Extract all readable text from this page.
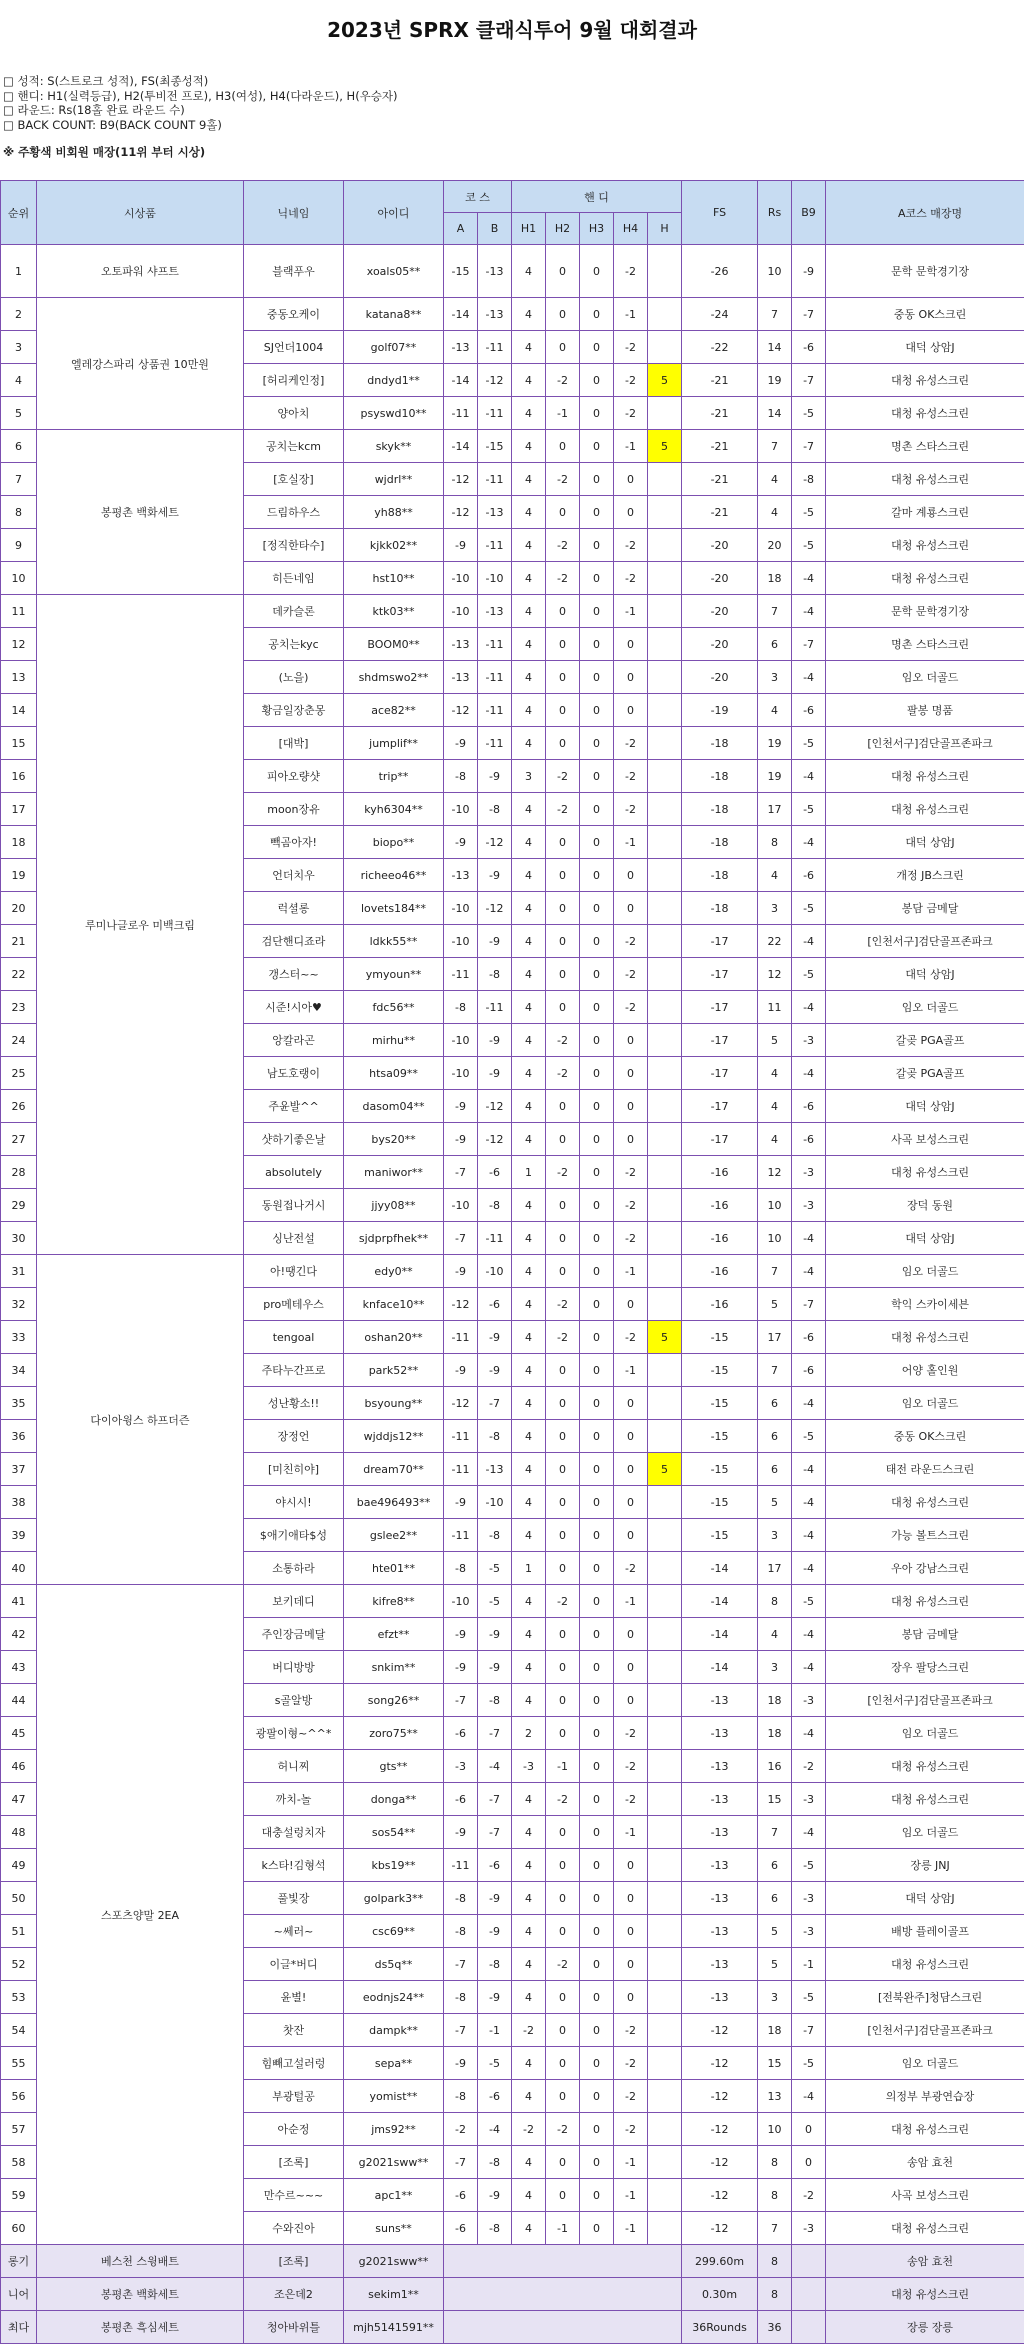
2023년 SPRX 클래식투어 9월 대회결과
□ 성적: S(스트로크 성적), FS(최종성적)
□ 핸디: H1(실력등급), H2(투비전 프로), H3(여성), H4(다라운드), H(우승자)
□ 라운드: Rs(18홀 완료 라운드 수)
□ BACK COUNT: B9(BACK COUNT 9홀)
※ 주황색 비회원 매장(11위 부터 시상)
순위	시상품	닉네임	아이디	코 스		핸 디					FS	Rs	B9	A코스 매장명
				A	B	H1	H2	H3	H4	H				
1	오토파워 샤프트	블랙푸우	xoals05**	-15	-13	4	0	0	-2		-26	10	-9	문학 문학경기장
2	엘레강스파리 상품권 10만원	중동오케이	katana8**	-14	-13	4	0	0	-1		-24	7	-7	중동 OK스크린
3		SJ언더1004	golf07**	-13	-11	4	0	0	-2		-22	14	-6	대덕 상암J
4		[허리케인정]	dndyd1**	-14	-12	4	-2	0	-2	5	-21	19	-7	대청 유성스크린
5		양아치	psyswd10**	-11	-11	4	-1	0	-2		-21	14	-5	대청 유성스크린
6	봉평촌 백화세트	공치는kcm	skyk**	-14	-15	4	0	0	-1	5	-21	7	-7	명촌 스타스크린
7		[호실장]	wjdrl**	-12	-11	4	-2	0	0		-21	4	-8	대청 유성스크린
8		드림하우스	yh88**	-12	-13	4	0	0	0		-21	4	-5	갈마 계룡스크린
9		[정직한타수]	kjkk02**	-9	-11	4	-2	0	-2		-20	20	-5	대청 유성스크린
10		히든네임	hst10**	-10	-10	4	-2	0	-2		-20	18	-4	대청 유성스크린
11	루미나글로우 미백크림	데카슬론	ktk03**	-10	-13	4	0	0	-1		-20	7	-4	문학 문학경기장
12		공치는kyc	BOOM0**	-13	-11	4	0	0	0		-20	6	-7	명촌 스타스크린
13		(노을)	shdmswo2**	-13	-11	4	0	0	0		-20	3	-4	임오 더골드
14		황금일장춘몽	ace82**	-12	-11	4	0	0	0		-19	4	-6	팔봉 명품
15		[대박]	jumplif**	-9	-11	4	0	0	-2		-18	19	-5	[인천서구]검단골프존파크
16		피아오량샷	trip**	-8	-9	3	-2	0	-2		-18	19	-4	대청 유성스크린
17		moon장유	kyh6304**	-10	-8	4	-2	0	-2		-18	17	-5	대청 유성스크린
18		빽곰아자!	biopo**	-9	-12	4	0	0	-1		-18	8	-4	대덕 상암J
19		언더치우	richeeo46**	-13	-9	4	0	0	0		-18	4	-6	개정 JB스크린
20		럭셜롱	lovets184**	-10	-12	4	0	0	0		-18	3	-5	봉담 금메달
21		검단핸디죠라	ldkk55**	-10	-9	4	0	0	-2		-17	22	-4	[인천서구]검단골프존파크
22		갱스터~~	ymyoun**	-11	-8	4	0	0	-2		-17	12	-5	대덕 상암J
23		시준!시아♥	fdc56**	-8	-11	4	0	0	-2		-17	11	-4	임오 더골드
24		앙칼라곤	mirhu**	-10	-9	4	-2	0	0		-17	5	-3	갈곶 PGA골프
25		남도호랭이	htsa09**	-10	-9	4	-2	0	0		-17	4	-4	갈곶 PGA골프
26		주윤발^^	dasom04**	-9	-12	4	0	0	0		-17	4	-6	대덕 상암J
27		샷하기좋은날	bys20**	-9	-12	4	0	0	0		-17	4	-6	사곡 보성스크린
28		absolutely	maniwor**	-7	-6	1	-2	0	-2		-16	12	-3	대청 유성스크린
29		동원접나거시	jjyy08**	-10	-8	4	0	0	-2		-16	10	-3	장덕 동원
30		싱난전설	sjdprpfhek**	-7	-11	4	0	0	-2		-16	10	-4	대덕 상암J
31	다이아윙스 하프더즌	아!땡긴다	edy0**	-9	-10	4	0	0	-1		-16	7	-4	임오 더골드
32		pro메테우스	knface10**	-12	-6	4	-2	0	0		-16	5	-7	학익 스카이세븐
33		tengoal	oshan20**	-11	-9	4	-2	0	-2	5	-15	17	-6	대청 유성스크린
34		주타누간프로	park52**	-9	-9	4	0	0	-1		-15	7	-6	어양 홀인원
35		성난황소!!	bsyoung**	-12	-7	4	0	0	0		-15	6	-4	임오 더골드
36		장정언	wjddjs12**	-11	-8	4	0	0	0		-15	6	-5	중동 OK스크린
37		[미친히야]	dream70**	-11	-13	4	0	0	0	5	-15	6	-4	태전 라운드스크린
38		야시시!	bae496493**	-9	-10	4	0	0	0		-15	5	-4	대청 유성스크린
39		$애기애타$성	gslee2**	-11	-8	4	0	0	0		-15	3	-4	가능 볼트스크린
40		소통하라	hte01**	-8	-5	1	0	0	-2		-14	17	-4	우아 강남스크린
41	스포츠양말 2EA	보키데디	kifre8**	-10	-5	4	-2	0	-1		-14	8	-5	대청 유성스크린
42		주인장금메달	efzt**	-9	-9	4	0	0	0		-14	4	-4	봉담 금메달
43		버디방방	snkim**	-9	-9	4	0	0	0		-14	3	-4	장우 팔당스크린
44		s골알방	song26**	-7	-8	4	0	0	0		-13	18	-3	[인천서구]검단골프존파크
45		광팔이형~^^*	zoro75**	-6	-7	2	0	0	-2		-13	18	-4	임오 더골드
46		허니찌	gts**	-3	-4	-3	-1	0	-2		-13	16	-2	대청 유성스크린
47		까치-놀	donga**	-6	-7	4	-2	0	-2		-13	15	-3	대청 유성스크린
48		대충설렁치자	sos54**	-9	-7	4	0	0	-1		-13	7	-4	임오 더골드
49		k스타!김형석	kbs19**	-11	-6	4	0	0	0		-13	6	-5	장릉 JNJ
50		풀빛장	golpark3**	-8	-9	4	0	0	0		-13	6	-3	대덕 상암J
51		~쎄러~	csc69**	-8	-9	4	0	0	0		-13	5	-3	배방 플레이골프
52		이글*버디	ds5q**	-7	-8	4	-2	0	0		-13	5	-1	대청 유성스크린
53		윤별!	eodnjs24**	-8	-9	4	0	0	0		-13	3	-5	[전북완주]청담스크린
54		찻잔	dampk**	-7	-1	-2	0	0	-2		-12	18	-7	[인천서구]검단골프존파크
55		힘빼고설러렁	sepa**	-9	-5	4	0	0	-2		-12	15	-5	임오 더골드
56		부광털공	yomist**	-8	-6	4	0	0	-2		-12	13	-4	의정부 부광연습장
57		아순정	jms92**	-2	-4	-2	-2	0	-2		-12	10	0	대청 유성스크린
58		[조록]	g2021sww**	-7	-8	4	0	0	-1		-12	8	0	송암 효천
59		만수르~~~	apc1**	-6	-9	4	0	0	-1		-12	8	-2	사곡 보성스크린
60		수와진아	suns**	-6	-8	4	-1	0	-1		-12	7	-3	대청 유성스크린
롱기	베스천 스윙배트	[조록]	g2021sww**								299.60m	8		송암 효천
니어	봉평촌 백화세트	조은데2	sekim1**								0.30m	8		대청 유성스크린
최다	봉평촌 흑심세트	청아바위틀	mjh5141591**								36Rounds	36		장릉 장릉
